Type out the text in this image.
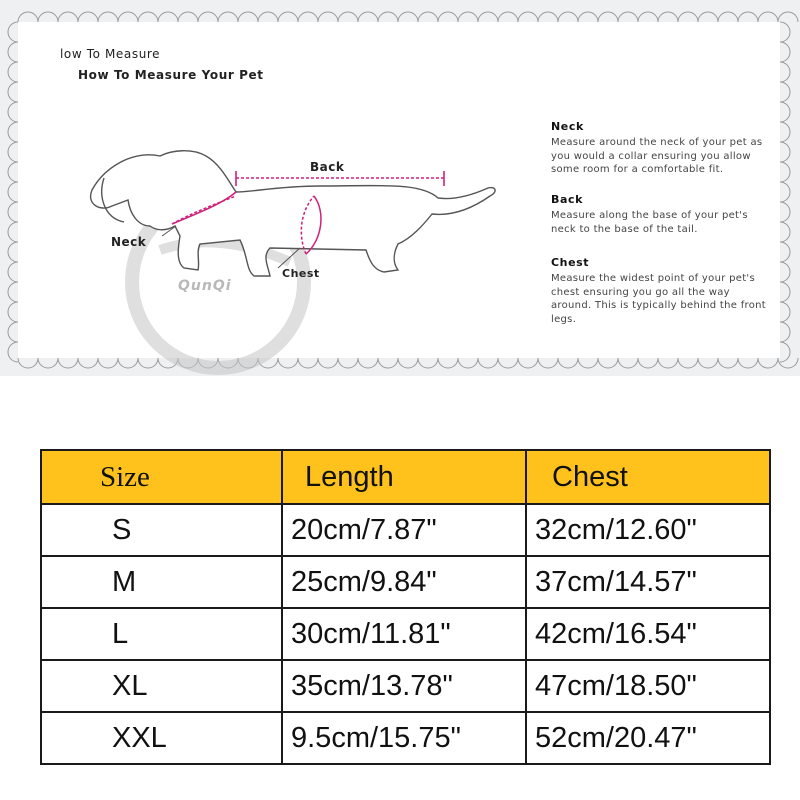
low To Measure
How To Measure Your Pet
Back
Neck
Chest
QunQi
Neck
Measure around the neck of your pet as you would a collar ensuring you allow some room for a comfortable fit.
Back
Measure along the base of your pet's neck to the base of the tail.
Chest
Measure the widest point of your pet's chest ensuring you go all the way around. This is typically behind the front legs.
Size	Length	Chest
S	20cm/7.87"	32cm/12.60"
M	25cm/9.84"	37cm/14.57"
L	30cm/11.81"	42cm/16.54"
XL	35cm/13.78"	47cm/18.50"
XXL	9.5cm/15.75"	52cm/20.47"
